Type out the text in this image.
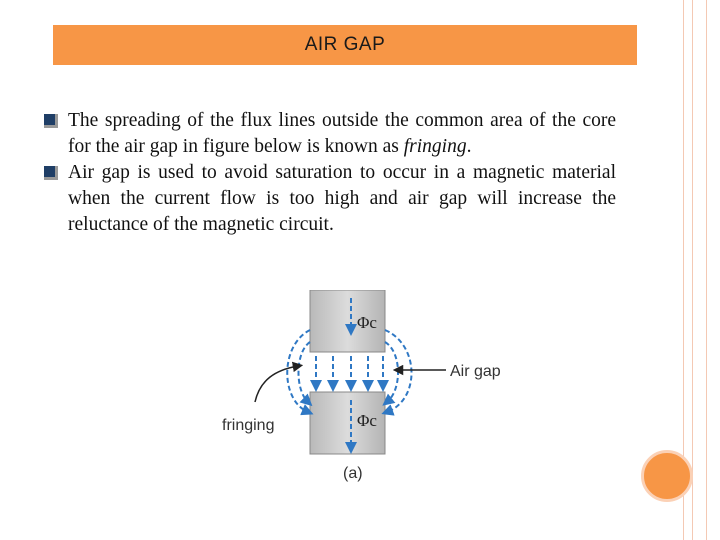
AIR GAP
The spreading of the flux lines outside the common area of the core for the air gap in figure below is known as fringing.
Air gap is used to avoid saturation to occur in a magnetic material when the current flow is too high and air gap will increase the reluctance of the magnetic circuit.
Φc
Φc
Air gap
fringing
(a)
